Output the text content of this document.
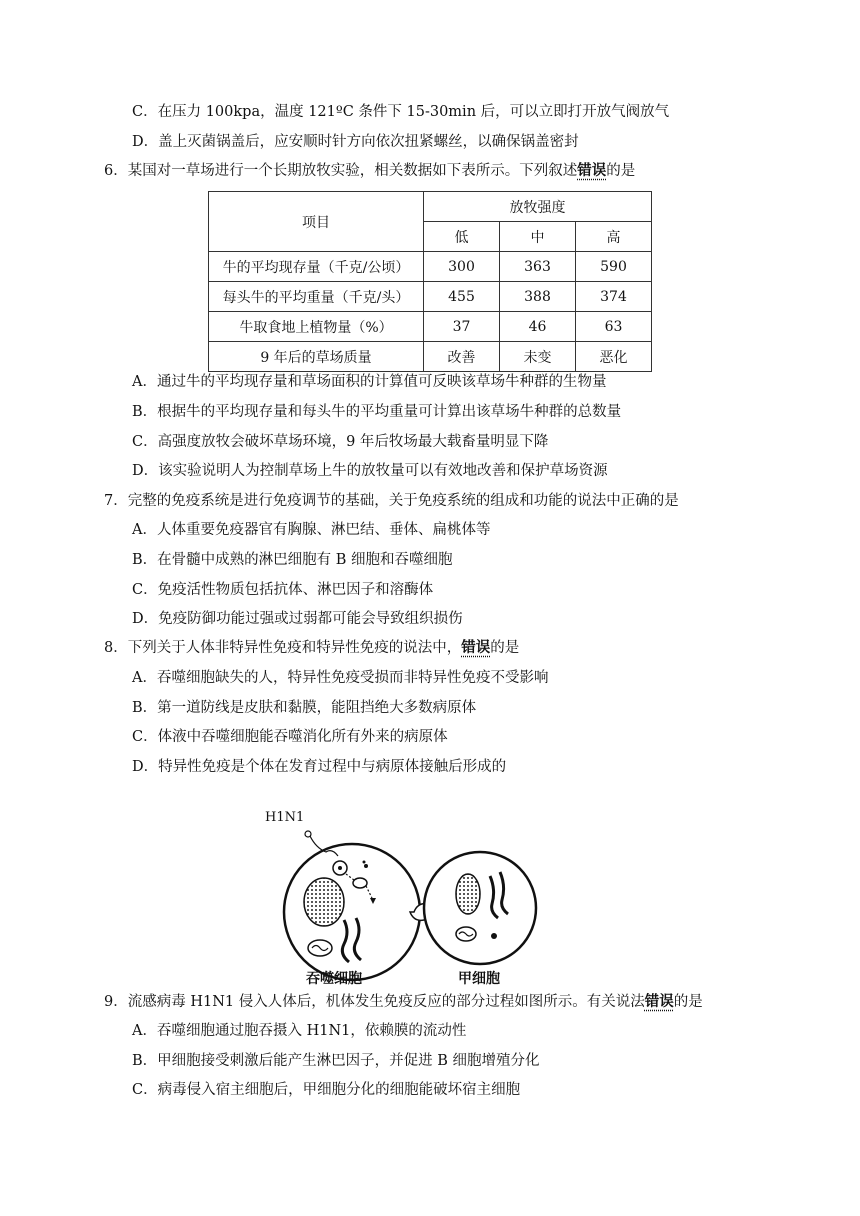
C．在压力 100kpa，温度 121ºC 条件下 15-30min 后，可以立即打开放气阀放气
D．盖上灭菌锅盖后，应安顺时针方向依次扭紧螺丝，以确保锅盖密封
6．某国对一草场进行一个长期放牧实验，相关数据如下表所示。下列叙述错误的是
项目	放牧强度		
	低	中	高
牛的平均现存量（千克/公顷）	300	363	590
每头牛的平均重量（千克/头）	455	388	374
牛取食地上植物量（%）	37	46	63
9 年后的草场质量	改善	未变	恶化
A．通过牛的平均现存量和草场面积的计算值可反映该草场牛种群的生物量
B．根据牛的平均现存量和每头牛的平均重量可计算出该草场牛种群的总数量
C．高强度放牧会破坏草场环境，9 年后牧场最大载畜量明显下降
D．该实验说明人为控制草场上牛的放牧量可以有效地改善和保护草场资源
7．完整的免疫系统是进行免疫调节的基础，关于免疫系统的组成和功能的说法中正确的是
A．人体重要免疫器官有胸腺、淋巴结、垂体、扁桃体等
B．在骨髓中成熟的淋巴细胞有 B 细胞和吞噬细胞
C．免疫活性物质包括抗体、淋巴因子和溶酶体
D．免疫防御功能过强或过弱都可能会导致组织损伤
8．下列关于人体非特异性免疫和特异性免疫的说法中，错误的是
A．吞噬细胞缺失的人，特异性免疫受损而非特异性免疫不受影响
B．第一道防线是皮肤和黏膜，能阻挡绝大多数病原体
C．体液中吞噬细胞能吞噬消化所有外来的病原体
D．特异性免疫是个体在发育过程中与病原体接触后形成的
H1N1
吞噬细胞	甲细胞
9．流感病毒 H1N1 侵入人体后，机体发生免疫反应的部分过程如图所示。有关说法错误的是
A．吞噬细胞通过胞吞摄入 H1N1，依赖膜的流动性
B．甲细胞接受刺激后能产生淋巴因子，并促进 B 细胞增殖分化
C．病毒侵入宿主细胞后，甲细胞分化的细胞能破坏宿主细胞
